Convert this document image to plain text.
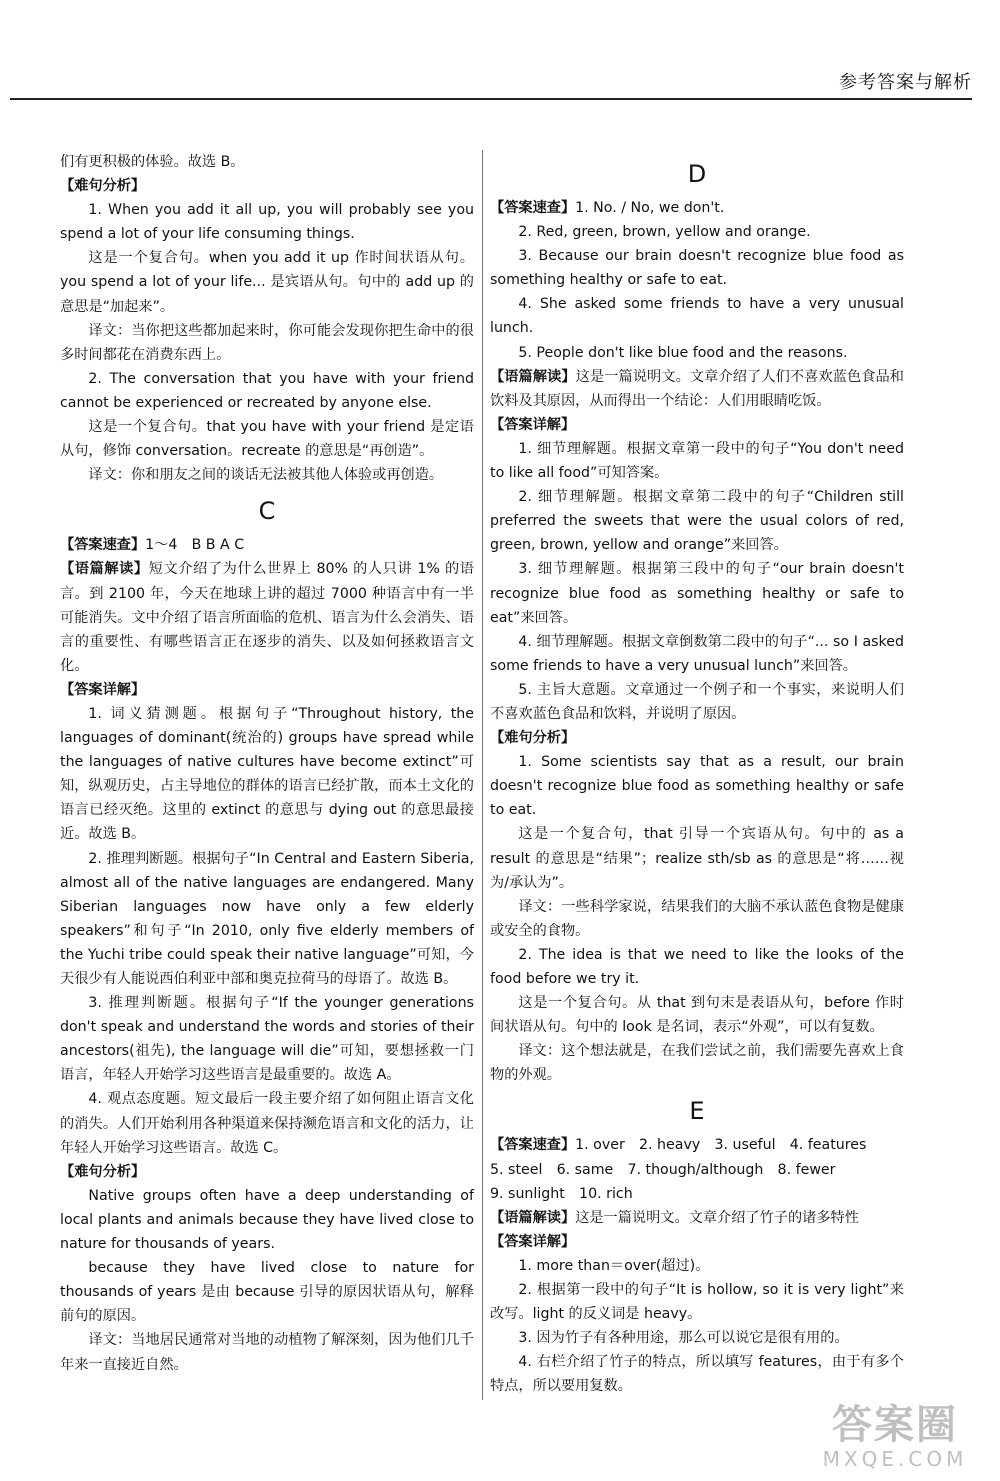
参考答案与解析

们有更积极的体验。故选 B。

【难句分析】

1. When you add it all up, you will probably see you spend a lot of your life consuming things.

这是一个复合句。when you add it up 作时间状语从句。you spend a lot of your life... 是宾语从句。句中的 add up 的意思是“加起来”。

译文：当你把这些都加起来时，你可能会发现你把生命中的很多时间都花在消费东西上。

2. The conversation that you have with your friend cannot be experienced or recreated by anyone else.

这是一个复合句。that you have with your friend 是定语从句，修饰 conversation。recreate 的意思是“再创造”。

译文：你和朋友之间的谈话无法被其他人体验或再创造。

C

【答案速查】1～4　B B A C

【语篇解读】短文介绍了为什么世界上 80% 的人只讲 1% 的语言。到 2100 年，今天在地球上讲的超过 7000 种语言中有一半可能消失。文中介绍了语言所面临的危机、语言为什么会消失、语言的重要性、有哪些语言正在逐步的消失、以及如何拯救语言文化。

【答案详解】

1. 词义猜测题。根据句子“Throughout history, the languages of dominant(统治的) groups have spread while the languages of native cultures have become extinct”可知，纵观历史，占主导地位的群体的语言已经扩散，而本土文化的语言已经灭绝。这里的 extinct 的意思与 dying out 的意思最接近。故选 B。

2. 推理判断题。根据句子“In Central and Eastern Siberia, almost all of the native languages are endangered. Many Siberian languages now have only a few elderly speakers”和句子“In 2010, only five elderly members of the Yuchi tribe could speak their native language”可知，今天很少有人能说西伯利亚中部和奥克拉荷马的母语了。故选 B。

3. 推理判断题。根据句子“If the younger generations don't speak and understand the words and stories of their ancestors(祖先), the language will die”可知，要想拯救一门语言，年轻人开始学习这些语言是最重要的。故选 A。

4. 观点态度题。短文最后一段主要介绍了如何阻止语言文化的消失。人们开始利用各种渠道来保持濒危语言和文化的活力，让年轻人开始学习这些语言。故选 C。

【难句分析】

Native groups often have a deep understanding of local plants and animals because they have lived close to nature for thousands of years.

because they have lived close to nature for thousands of years 是由 because 引导的原因状语从句，解释前句的原因。

译文：当地居民通常对当地的动植物了解深刻，因为他们几千年来一直接近自然。

D

【答案速查】1. No. / No, we don't.

2. Red, green, brown, yellow and orange.

3. Because our brain doesn't recognize blue food as something healthy or safe to eat.

4. She asked some friends to have a very unusual lunch.

5. People don't like blue food and the reasons.

【语篇解读】这是一篇说明文。文章介绍了人们不喜欢蓝色食品和饮料及其原因，从而得出一个结论：人们用眼睛吃饭。

【答案详解】

1. 细节理解题。根据文章第一段中的句子“You don't need to like all food”可知答案。

2. 细节理解题。根据文章第二段中的句子“Children still preferred the sweets that were the usual colors of red, green, brown, yellow and orange”来回答。

3. 细节理解题。根据第三段中的句子“our brain doesn't recognize blue food as something healthy or safe to eat”来回答。

4. 细节理解题。根据文章倒数第二段中的句子“... so I asked some friends to have a very unusual lunch”来回答。

5. 主旨大意题。文章通过一个例子和一个事实，来说明人们不喜欢蓝色食品和饮料，并说明了原因。

【难句分析】

1. Some scientists say that as a result, our brain doesn't recognize blue food as something healthy or safe to eat.

这是一个复合句，that 引导一个宾语从句。句中的 as a result 的意思是“结果”；realize sth/sb as 的意思是“将……视为/承认为”。

译文：一些科学家说，结果我们的大脑不承认蓝色食物是健康或安全的食物。

2. The idea is that we need to like the looks of the food before we try it.

这是一个复合句。从 that 到句末是表语从句，before 作时间状语从句。句中的 look 是名词，表示“外观”，可以有复数。

译文：这个想法就是，在我们尝试之前，我们需要先喜欢上食物的外观。

E

【答案速查】1. over　2. heavy　3. useful　4. features

5. steel　6. same　7. though/although　8. fewer

9. sunlight　10. rich

【语篇解读】这是一篇说明文。文章介绍了竹子的诸多特性

【答案详解】

1. more than＝over(超过)。

2. 根据第一段中的句子“It is hollow, so it is very light”来改写。light 的反义词是 heavy。

3. 因为竹子有各种用途，那么可以说它是很有用的。

4. 右栏介绍了竹子的特点，所以填写 features，由于有多个特点，所以要用复数。

答案圈
MXQE.COM
